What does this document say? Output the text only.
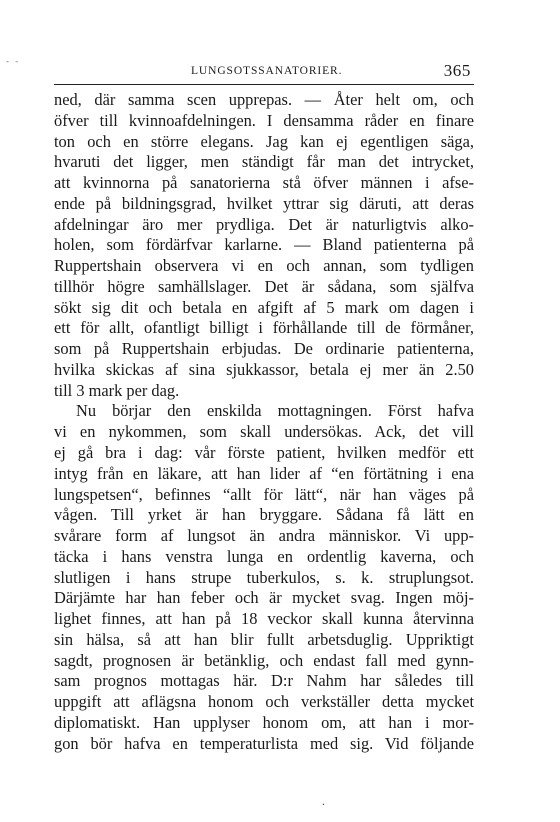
- -
LUNGSOTSSANATORIER.	365
ned, där samma scen upprepas. — Åter helt om, och
öfver till kvinnoafdelningen. I densamma råder en finare
ton och en större elegans. Jag kan ej egentligen säga,
hvaruti det ligger, men ständigt får man det intrycket,
att kvinnorna på sanatorierna stå öfver männen i afse-
ende på bildningsgrad, hvilket yttrar sig däruti, att deras
afdelningar äro mer prydliga. Det är naturligtvis alko-
holen, som fördärfvar karlarne. — Bland patienterna på
Ruppertshain observera vi en och annan, som tydligen
tillhör högre samhällslager. Det är sådana, som själfva
sökt sig dit och betala en afgift af 5 mark om dagen i
ett för allt, ofantligt billigt i förhållande till de förmåner,
som på Ruppertshain erbjudas. De ordinarie patienterna,
hvilka skickas af sina sjukkassor, betala ej mer än 2.50
till 3 mark per dag.
Nu börjar den enskilda mottagningen. Först hafva
vi en nykommen, som skall undersökas. Ack, det vill
ej gå bra i dag: vår förste patient, hvilken medför ett
intyg från en läkare, att han lider af “en förtätning i ena
lungspetsen“, befinnes “allt för lätt“, när han väges på
vågen. Till yrket är han bryggare. Sådana få lätt en
svårare form af lungsot än andra människor. Vi upp-
täcka i hans venstra lunga en ordentlig kaverna, och
slutligen i hans strupe tuberkulos, s. k. struplungsot.
Därjämte har han feber och är mycket svag. Ingen möj-
lighet finnes, att han på 18 veckor skall kunna återvinna
sin hälsa, så att han blir fullt arbetsduglig. Uppriktigt
sagdt, prognosen är betänklig, och endast fall med gynn-
sam prognos mottagas här. D:r Nahm har således till
uppgift att aflägsna honom och verkställer detta mycket
diplomatiskt. Han upplyser honom om, att han i mor-
gon bör hafva en temperaturlista med sig. Vid följande
.
